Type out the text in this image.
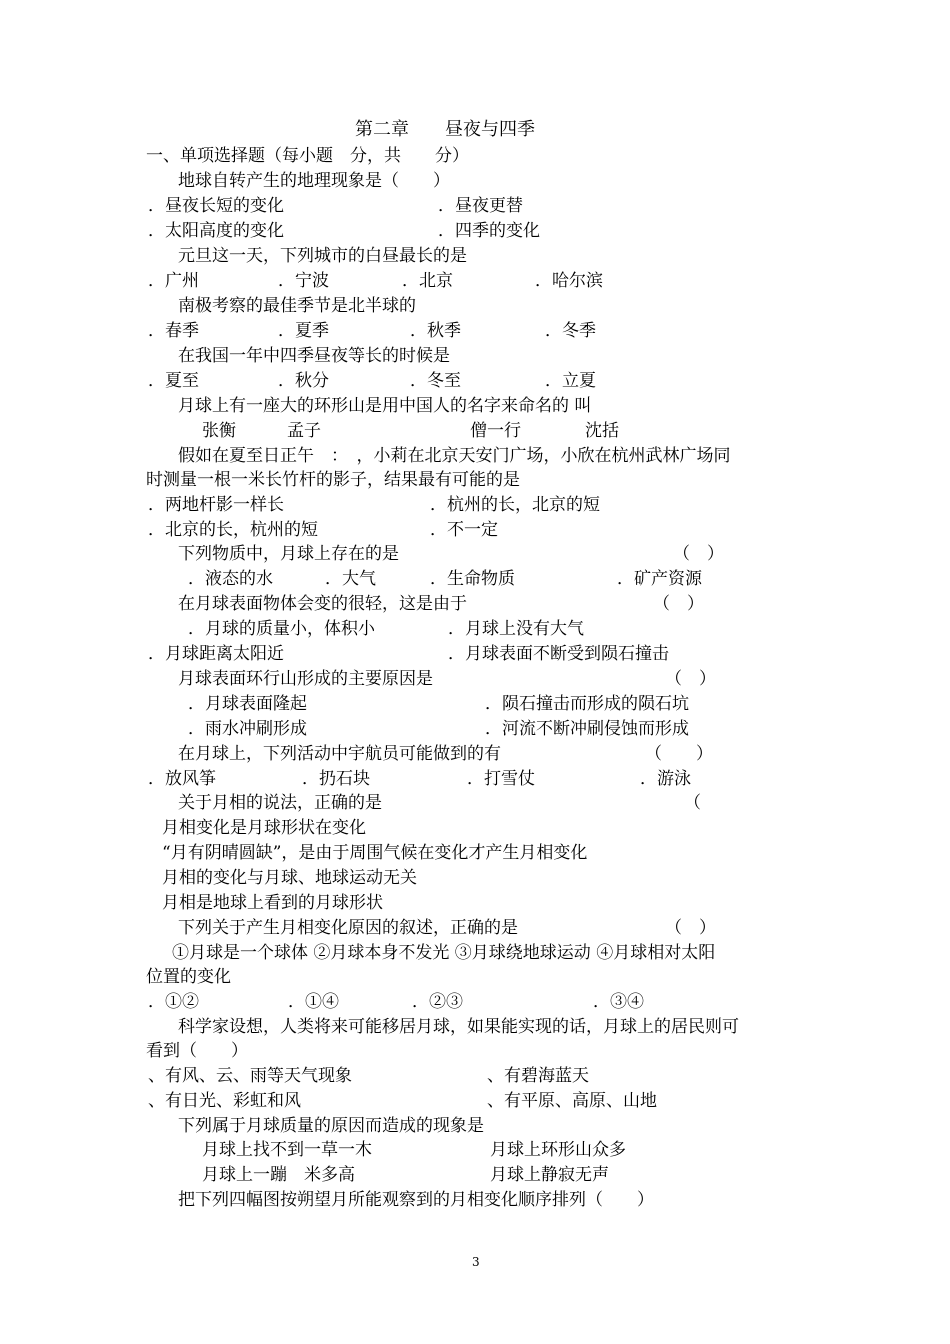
第二章　　昼夜与四季
一、单项选择题（每小题　分，共　　分）
地球自转产生的地理现象是（　　）
．昼夜长短的变化	．昼夜更替
．太阳高度的变化	．四季的变化
元旦这一天，下列城市的白昼最长的是
．广州	．宁波	．北京	．哈尔滨
南极考察的最佳季节是北半球的
．春季	．夏季	．秋季	．冬季
在我国一年中四季昼夜等长的时候是
．夏至	．秋分	．冬至	．立夏
月球上有一座大的环形山是用中国人的名字来命名的 叫
张衡	孟子	僧一行	沈括
假如在夏至日正午　：　，小莉在北京天安门广场，小欣在杭州武林广场同
时测量一根一米长竹杆的影子，结果最有可能的是
．两地杆影一样长	．杭州的长，北京的短
．北京的长，杭州的短	．不一定
下列物质中，月球上存在的是	（　）
．液态的水	．大气	．生命物质	．矿产资源
在月球表面物体会变的很轻，这是由于	（　）
．月球的质量小，体积小	．月球上没有大气
．月球距离太阳近	．月球表面不断受到陨石撞击
月球表面环行山形成的主要原因是	（　）
．月球表面隆起	．陨石撞击而形成的陨石坑
．雨水冲刷形成	．河流不断冲刷侵蚀而形成
在月球上，下列活动中宇航员可能做到的有	（　　）
．放风筝	．扔石块	．打雪仗	．游泳
关于月相的说法，正确的是	（
月相变化是月球形状在变化
“月有阴晴圆缺”，是由于周围气候在变化才产生月相变化
月相的变化与月球、地球运动无关
月相是地球上看到的月球形状
下列关于产生月相变化原因的叙述，正确的是	（　）
①月球是一个球体 ②月球本身不发光 ③月球绕地球运动 ④月球相对太阳
位置的变化
．①②	．①④	．②③	．③④
科学家设想，人类将来可能移居月球，如果能实现的话，月球上的居民则可
看到（　　）
、有风、云、雨等天气现象	、有碧海蓝天
、有日光、彩虹和风	、有平原、高原、山地
下列属于月球质量的原因而造成的现象是
月球上找不到一草一木	月球上环形山众多
月球上一蹦　米多高	月球上静寂无声
把下列四幅图按朔望月所能观察到的月相变化顺序排列（　　）
3
